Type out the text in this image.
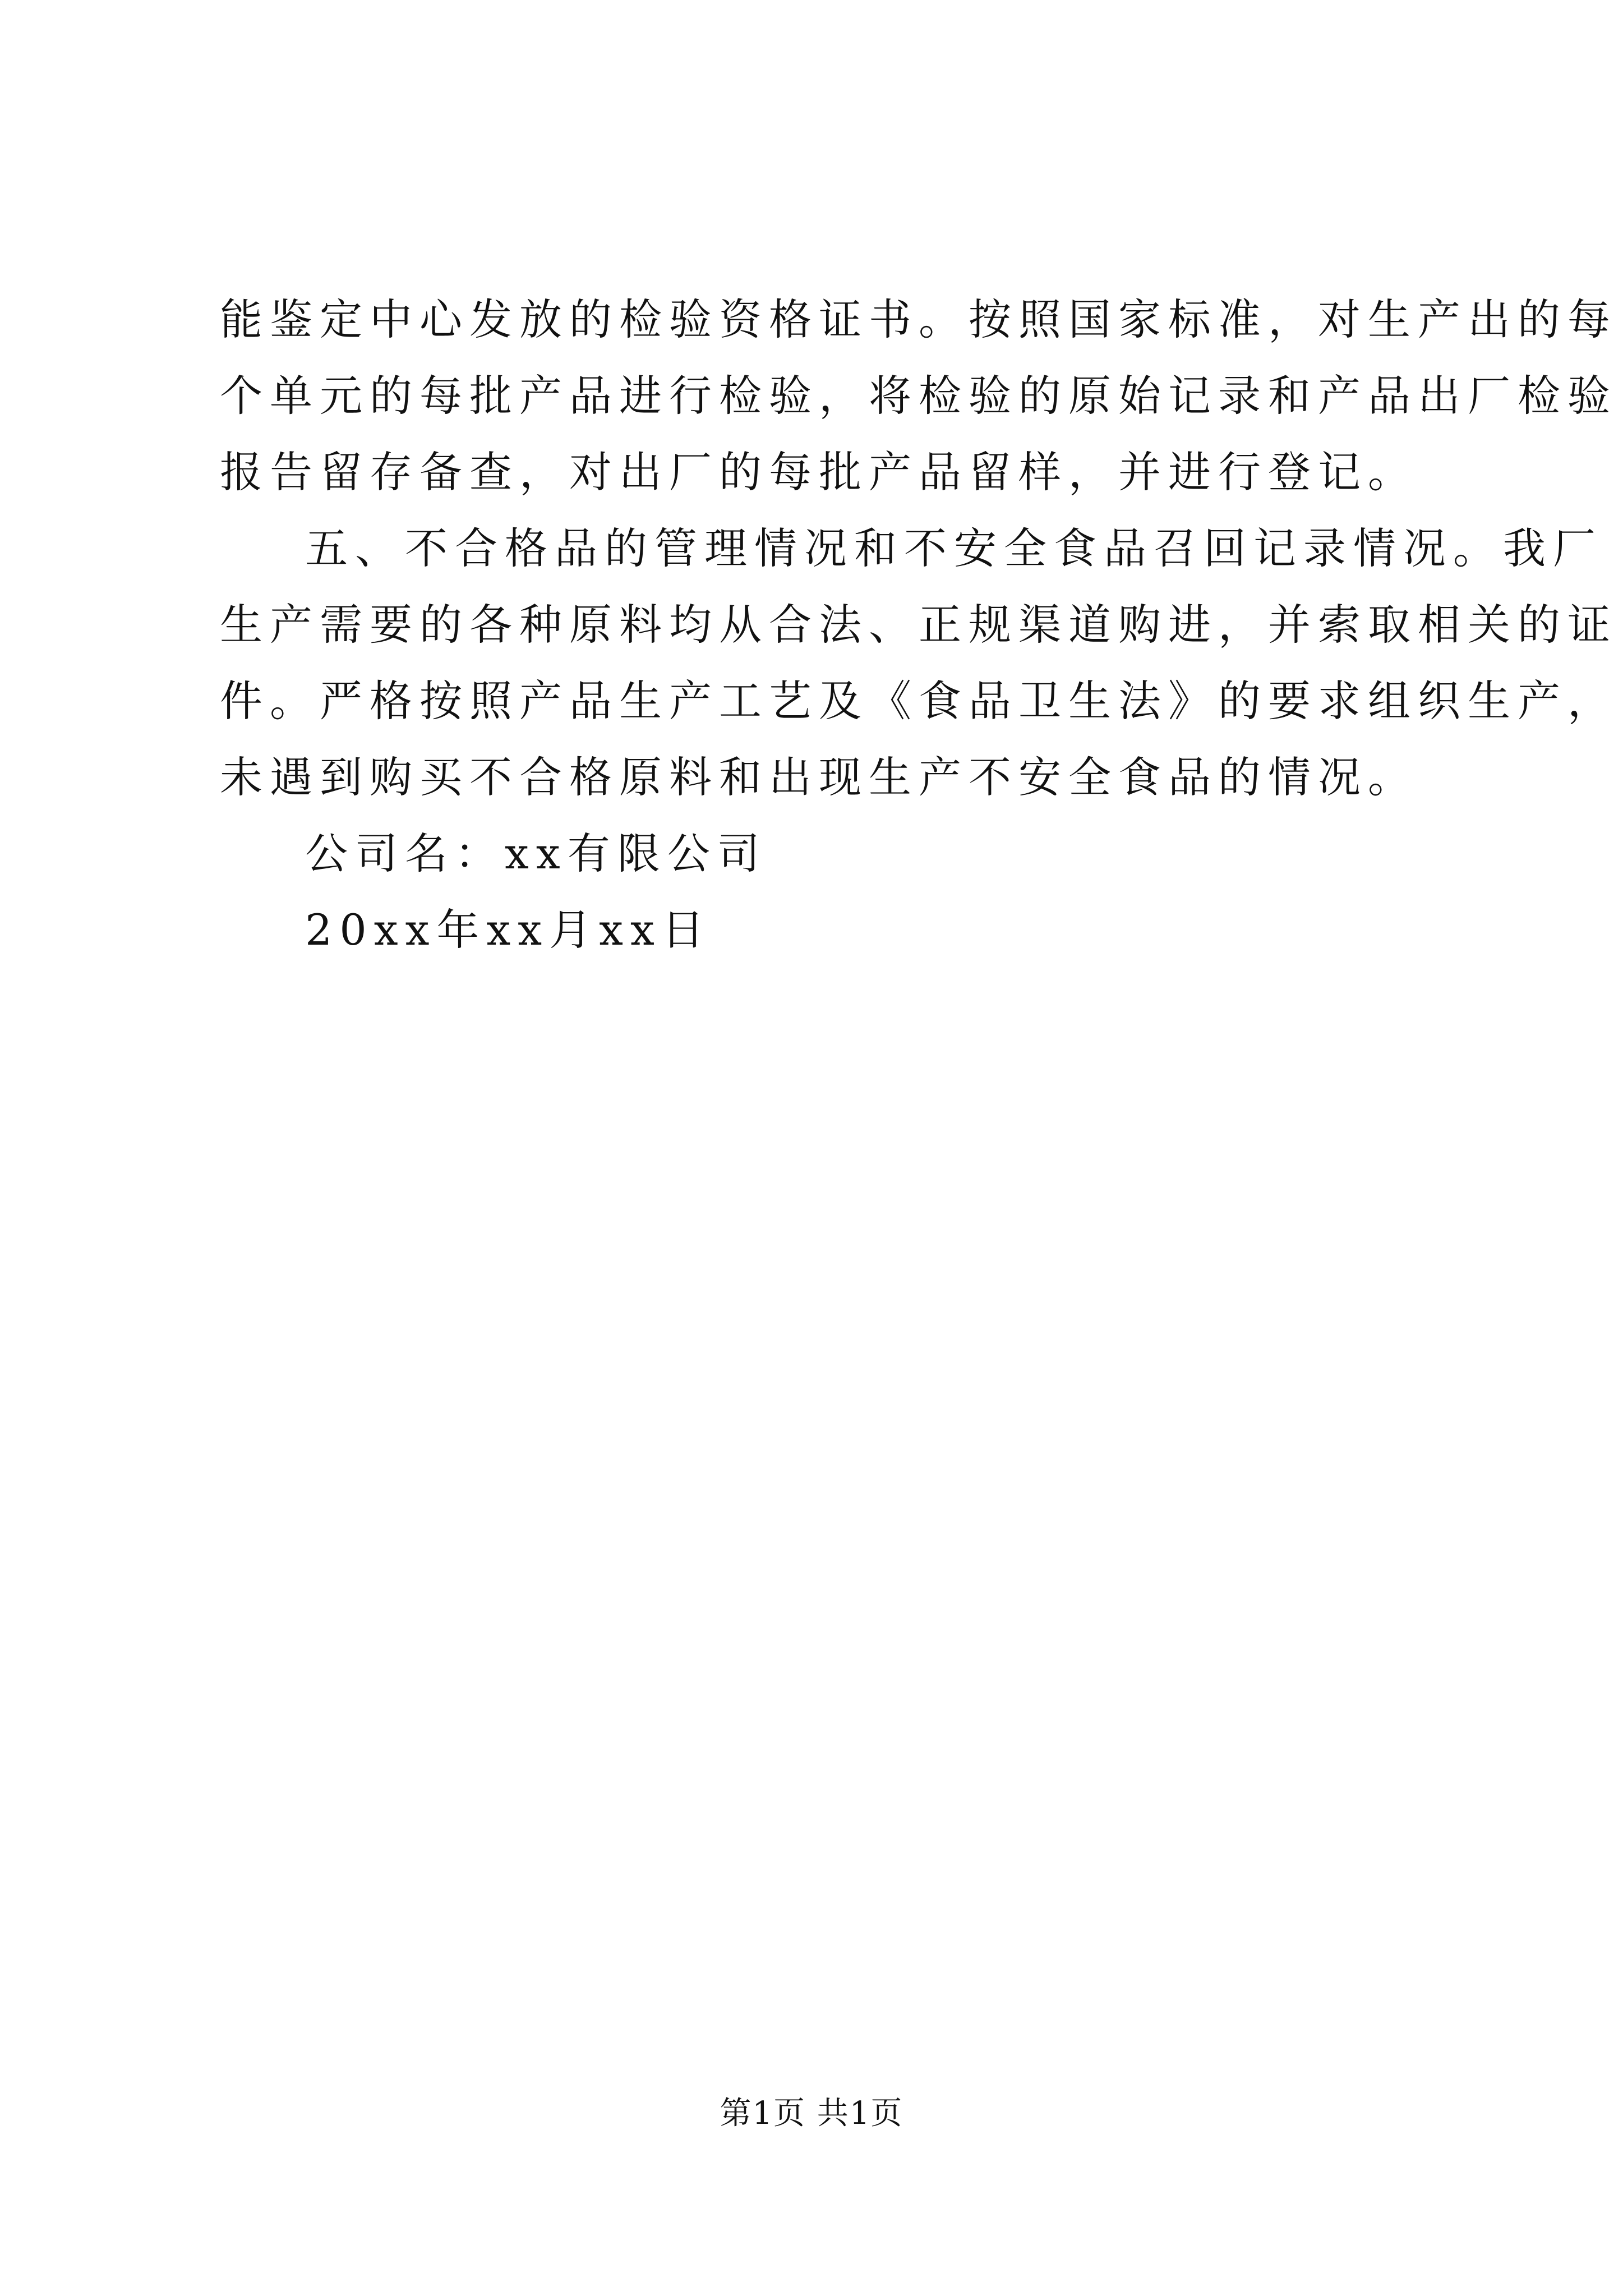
能鉴定中心发放的检验资格证书。按照国家标准，对生产出的每
个单元的每批产品进行检验，将检验的原始记录和产品出厂检验
报告留存备查，对出厂的每批产品留样，并进行登记。
五、不合格品的管理情况和不安全食品召回记录情况。我厂
生产需要的各种原料均从合法、正规渠道购进，并索取相关的证
件。严格按照产品生产工艺及《食品卫生法》的要求组织生产，
未遇到购买不合格原料和出现生产不安全食品的情况。
公司名：xx有限公司
20xx年xx月xx日
第1页 共1页
